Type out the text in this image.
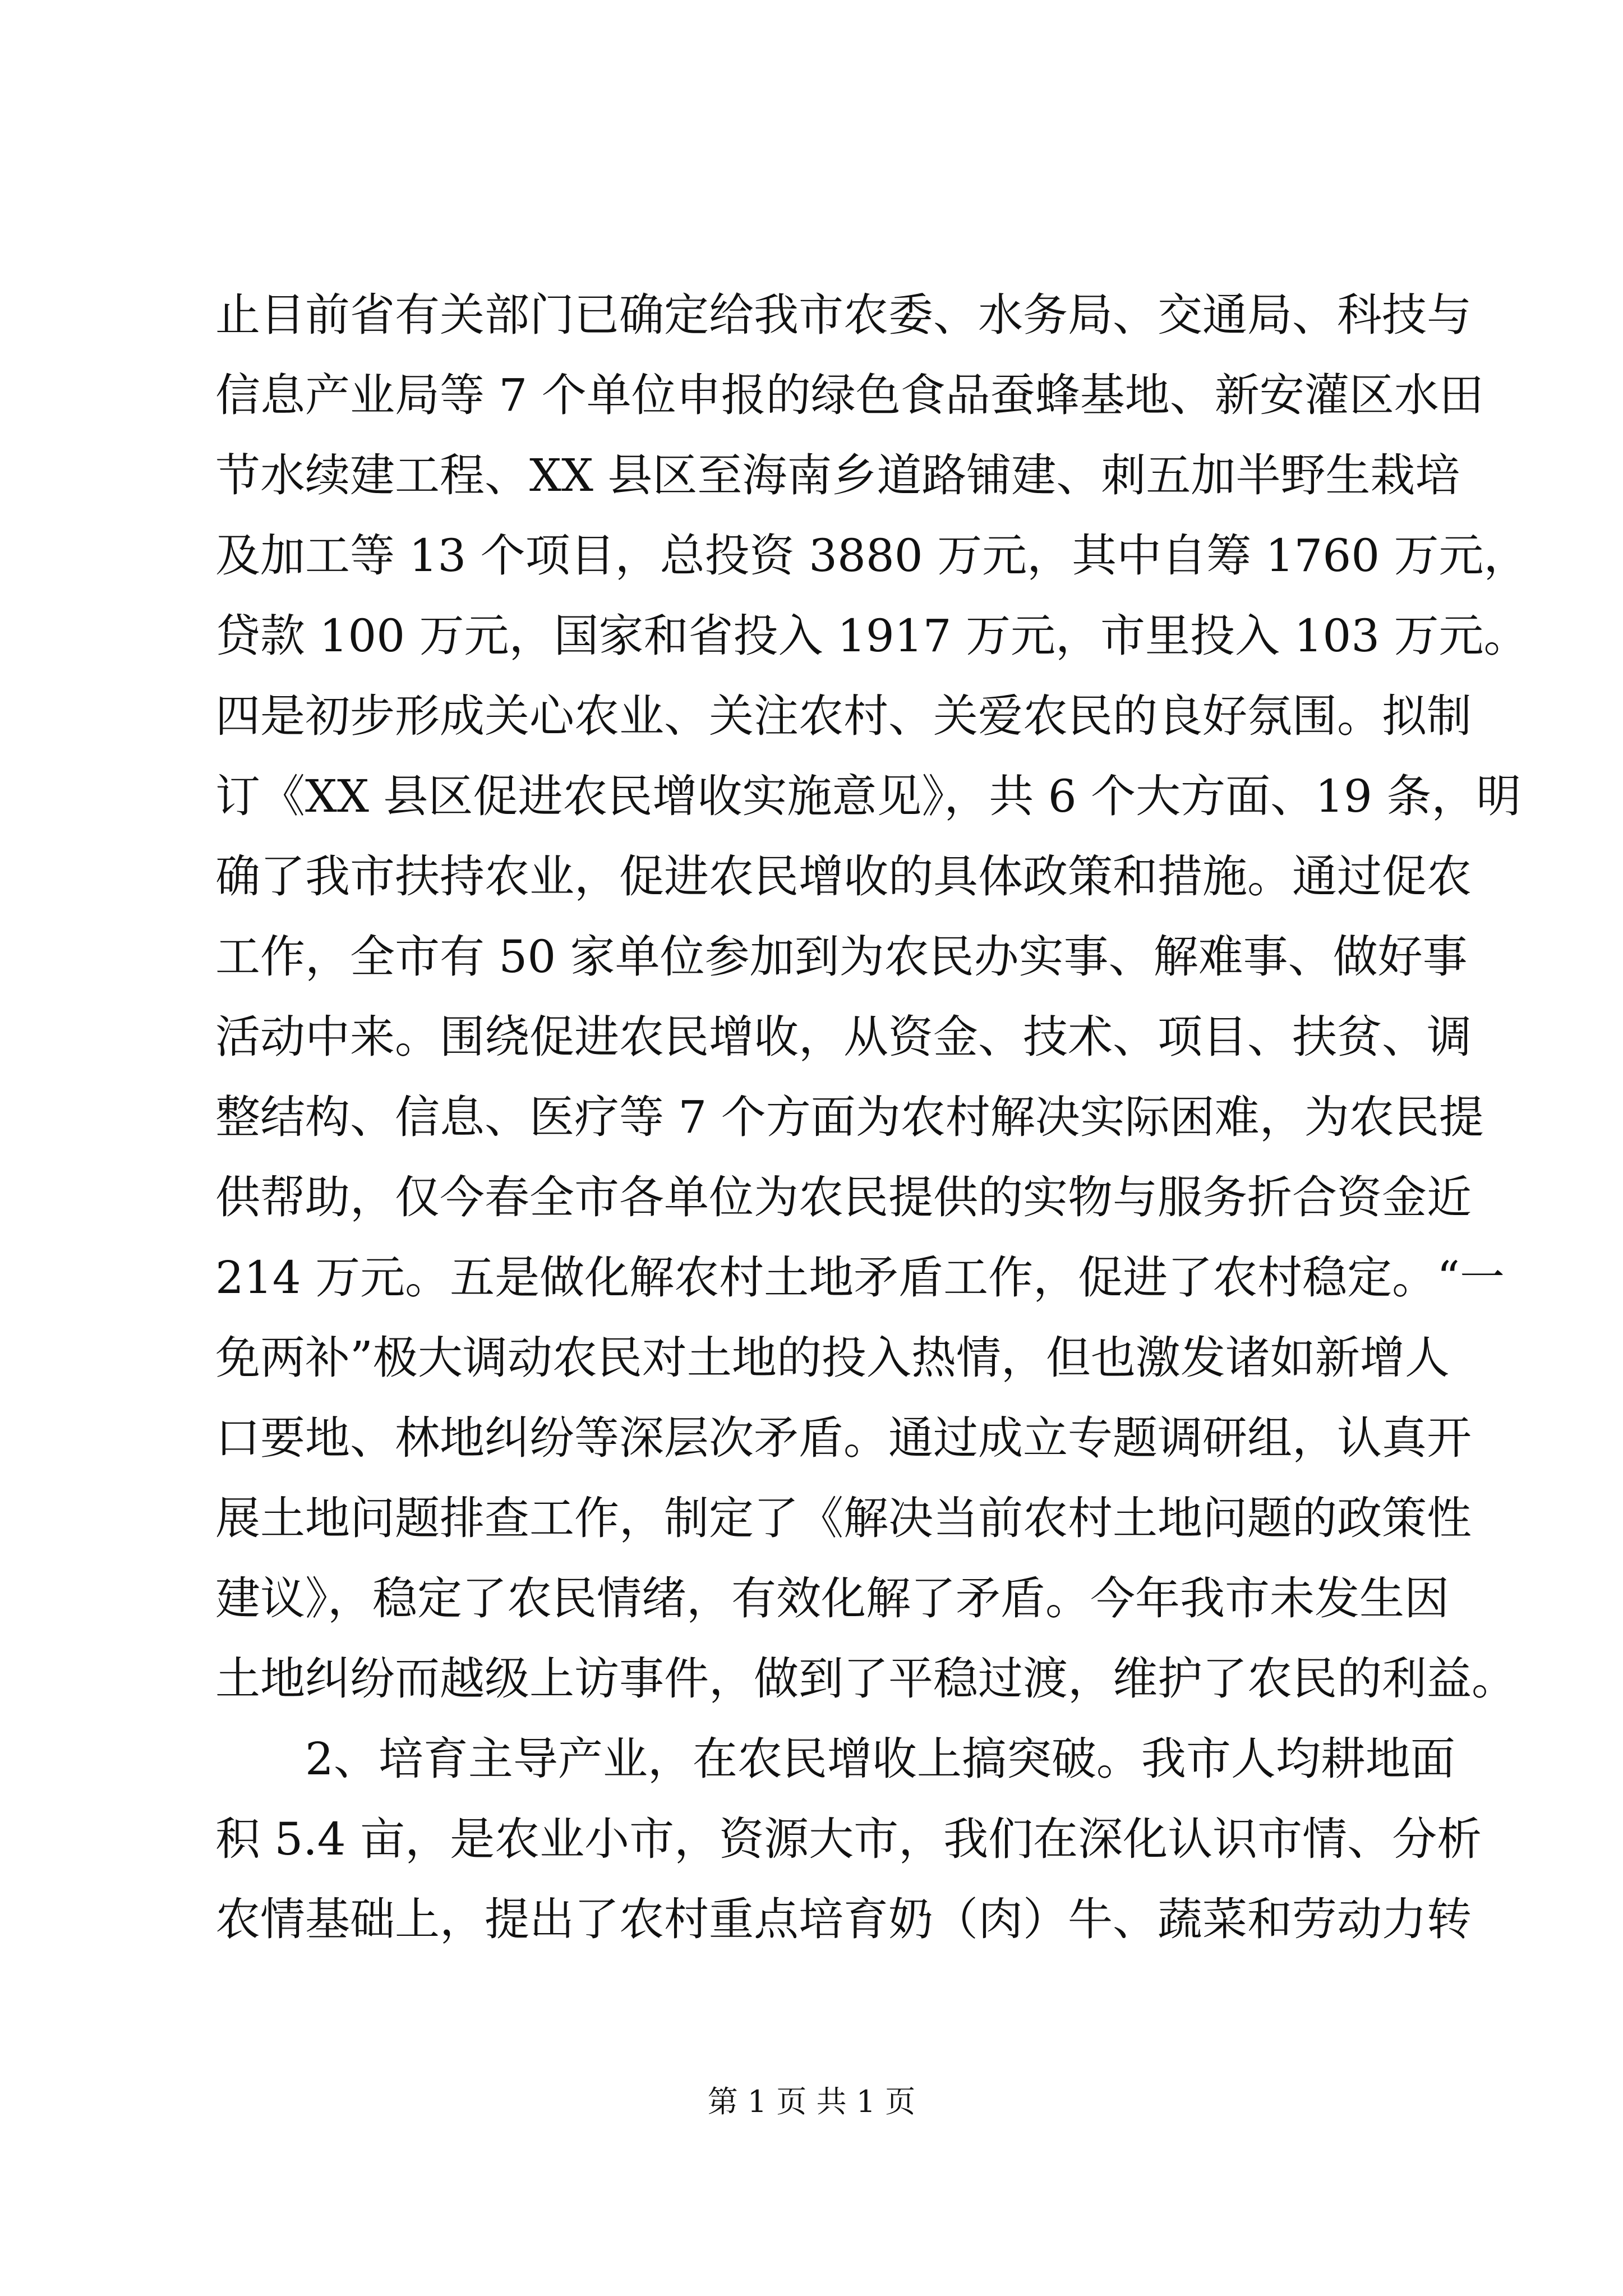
止目前省有关部门已确定给我市农委、水务局、交通局、科技与
信息产业局等 7 个单位申报的绿色食品蚕蜂基地、新安灌区水田
节水续建工程、XX 县区至海南乡道路铺建、刺五加半野生栽培
及加工等 13 个项目，总投资 3880 万元，其中自筹 1760 万元，
贷款 100 万元，国家和省投入 1917 万元，市里投入 103 万元。
四是初步形成关心农业、关注农村、关爱农民的良好氛围。拟制
订《XX 县区促进农民增收实施意见》，共 6 个大方面、19 条，明
确了我市扶持农业，促进农民增收的具体政策和措施。通过促农
工作，全市有 50 家单位参加到为农民办实事、解难事、做好事
活动中来。围绕促进农民增收，从资金、技术、项目、扶贫、调
整结构、信息、医疗等 7 个方面为农村解决实际困难，为农民提
供帮助，仅今春全市各单位为农民提供的实物与服务折合资金近
214 万元。五是做化解农村土地矛盾工作，促进了农村稳定。“一
免两补”极大调动农民对土地的投入热情，但也激发诸如新增人
口要地、林地纠纷等深层次矛盾。通过成立专题调研组，认真开
展土地问题排查工作，制定了《解决当前农村土地问题的政策性
建议》，稳定了农民情绪，有效化解了矛盾。今年我市未发生因
土地纠纷而越级上访事件，做到了平稳过渡，维护了农民的利益。
2、培育主导产业，在农民增收上搞突破。我市人均耕地面
积 5.4 亩，是农业小市，资源大市，我们在深化认识市情、分析
农情基础上，提出了农村重点培育奶（肉）牛、蔬菜和劳动力转
第 1 页 共 1 页
